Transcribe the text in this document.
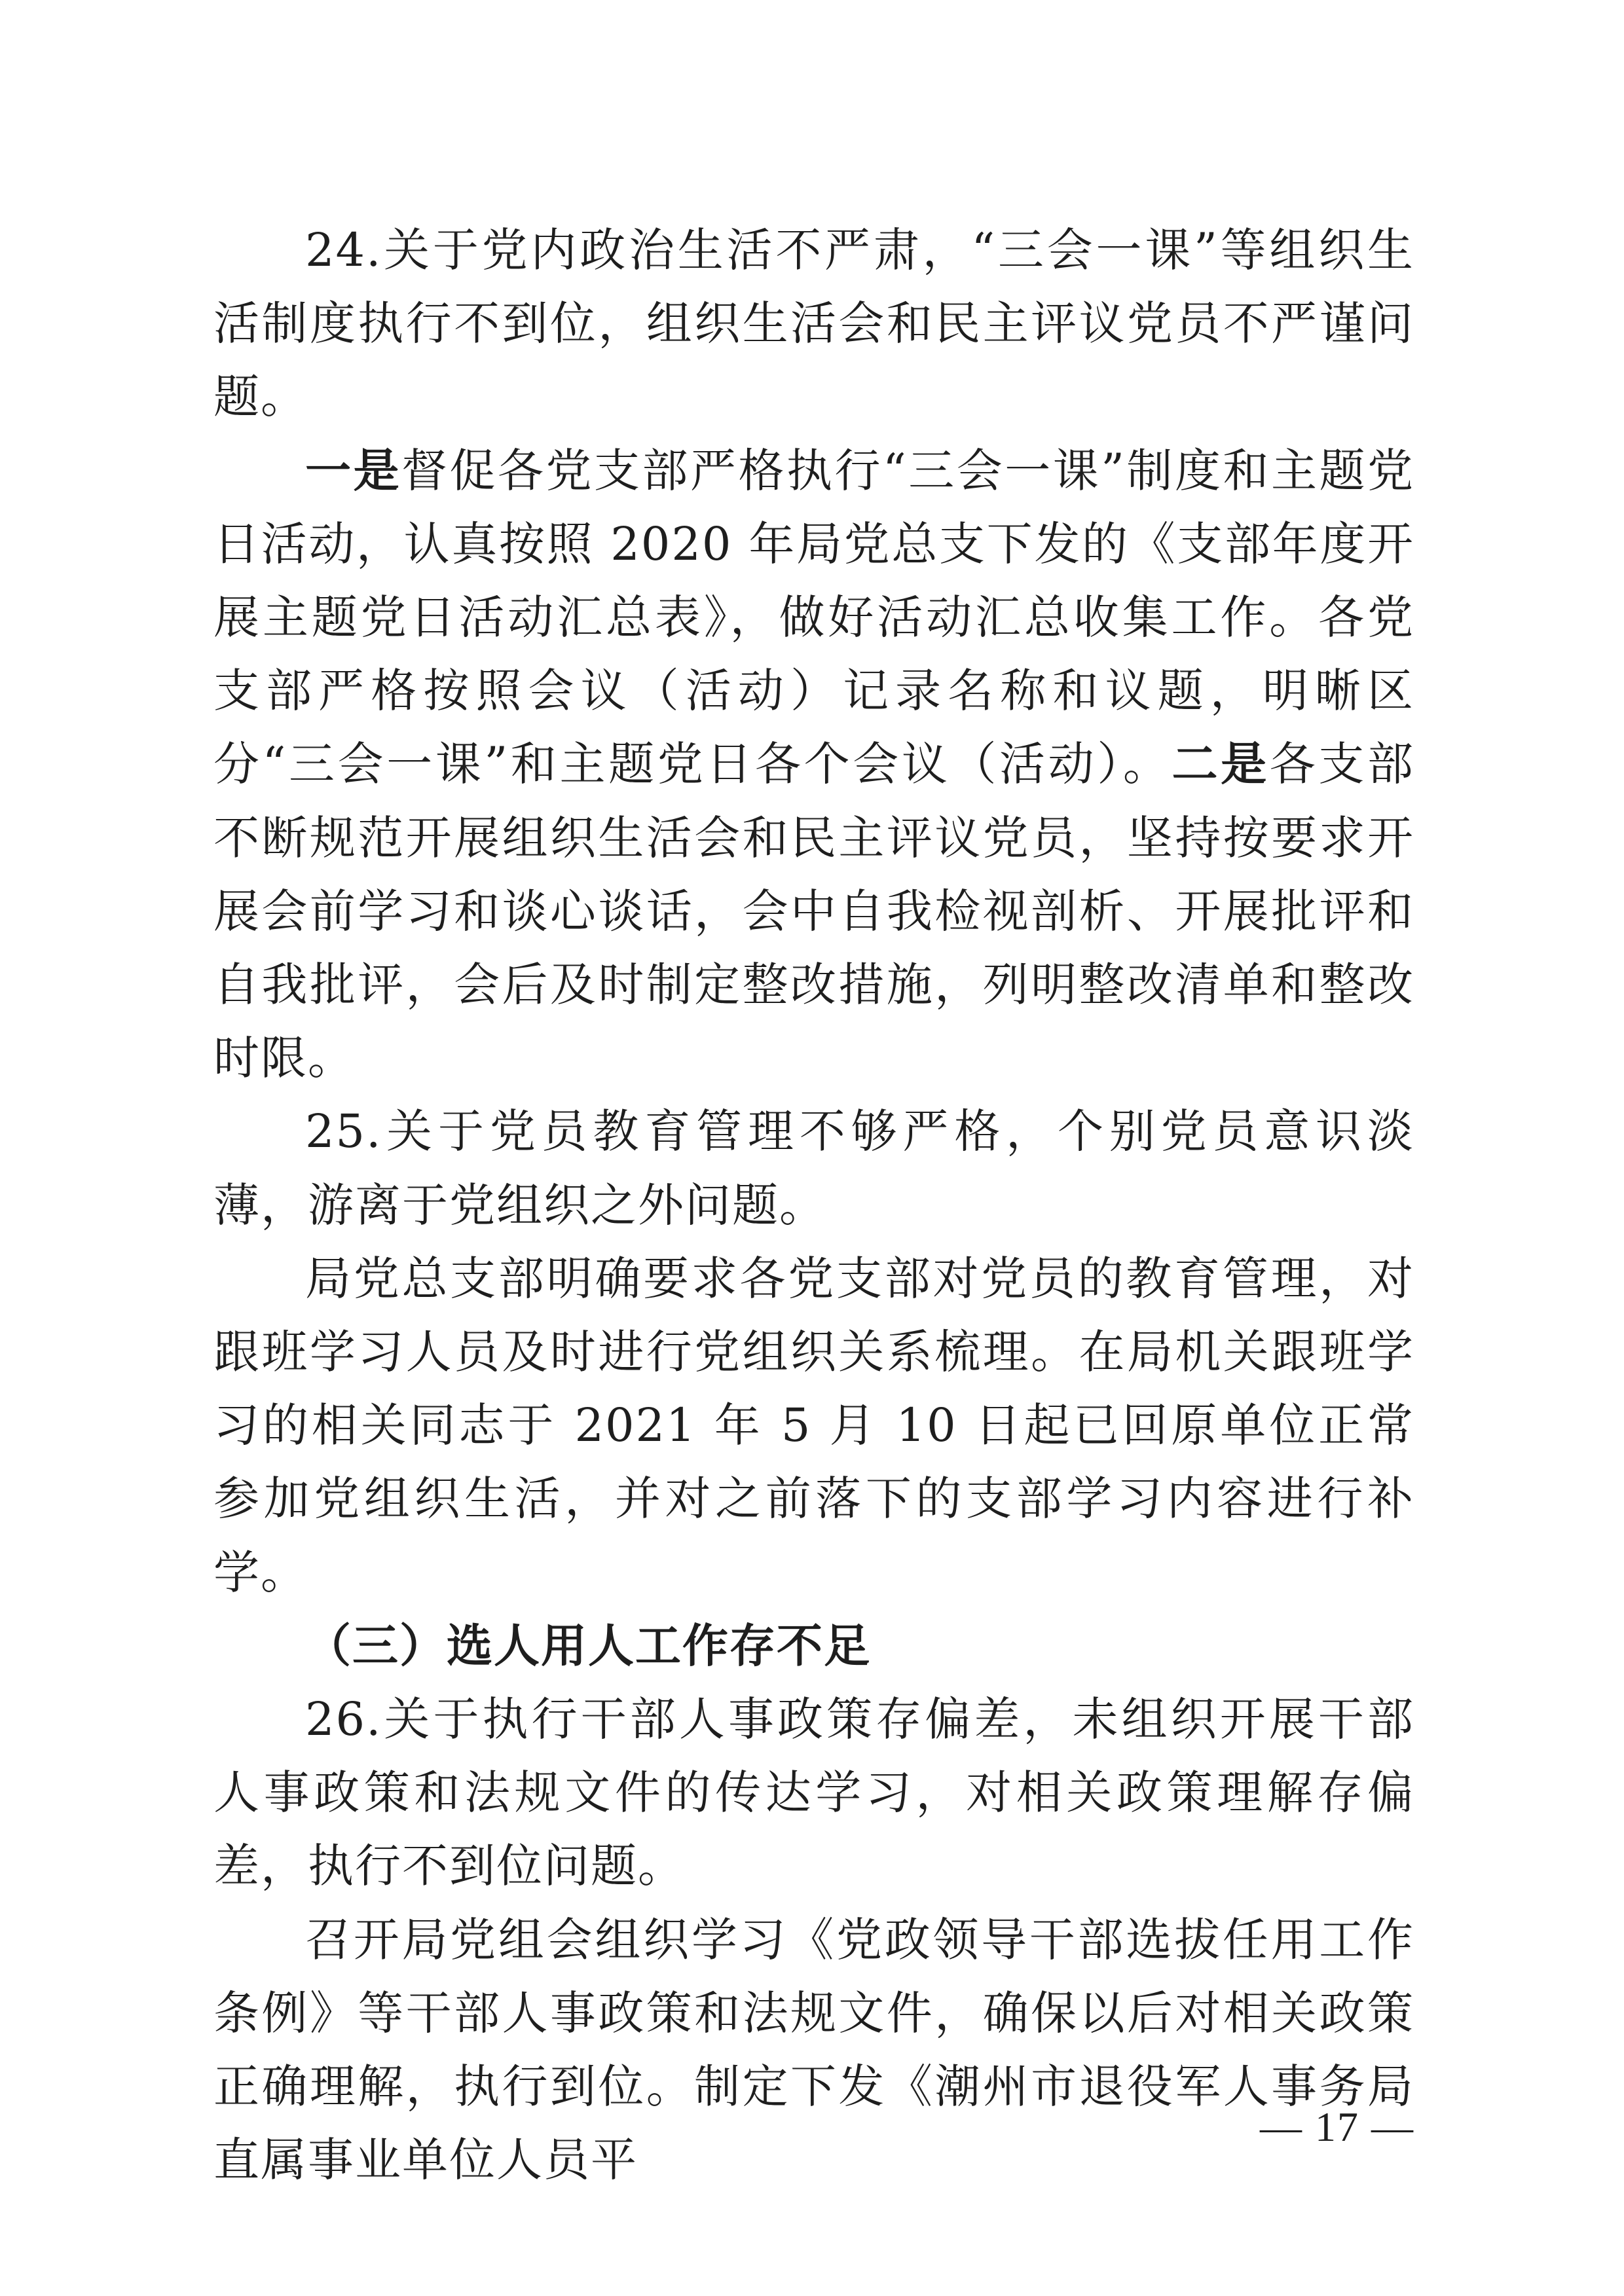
24.关于党内政治生活不严肃，“三会一课”等组织生活制度执行不到位，组织生活会和民主评议党员不严谨问题。

一是督促各党支部严格执行“三会一课”制度和主题党日活动，认真按照 2020 年局党总支下发的《支部年度开展主题党日活动汇总表》，做好活动汇总收集工作。各党支部严格按照会议（活动）记录名称和议题，明晰区分“三会一课”和主题党日各个会议（活动）。二是各支部不断规范开展组织生活会和民主评议党员，坚持按要求开展会前学习和谈心谈话，会中自我检视剖析、开展批评和自我批评，会后及时制定整改措施，列明整改清单和整改时限。

25.关于党员教育管理不够严格，个别党员意识淡薄，游离于党组织之外问题。

局党总支部明确要求各党支部对党员的教育管理，对跟班学习人员及时进行党组织关系梳理。在局机关跟班学习的相关同志于 2021 年 5 月 10 日起已回原单位正常参加党组织生活，并对之前落下的支部学习内容进行补学。

（三）选人用人工作存不足

26.关于执行干部人事政策存偏差，未组织开展干部人事政策和法规文件的传达学习，对相关政策理解存偏差，执行不到位问题。

召开局党组会组织学习《党政领导干部选拔任用工作条例》等干部人事政策和法规文件，确保以后对相关政策正确理解，执行到位。制定下发《潮州市退役军人事务局直属事业单位人员平

— 17 —
